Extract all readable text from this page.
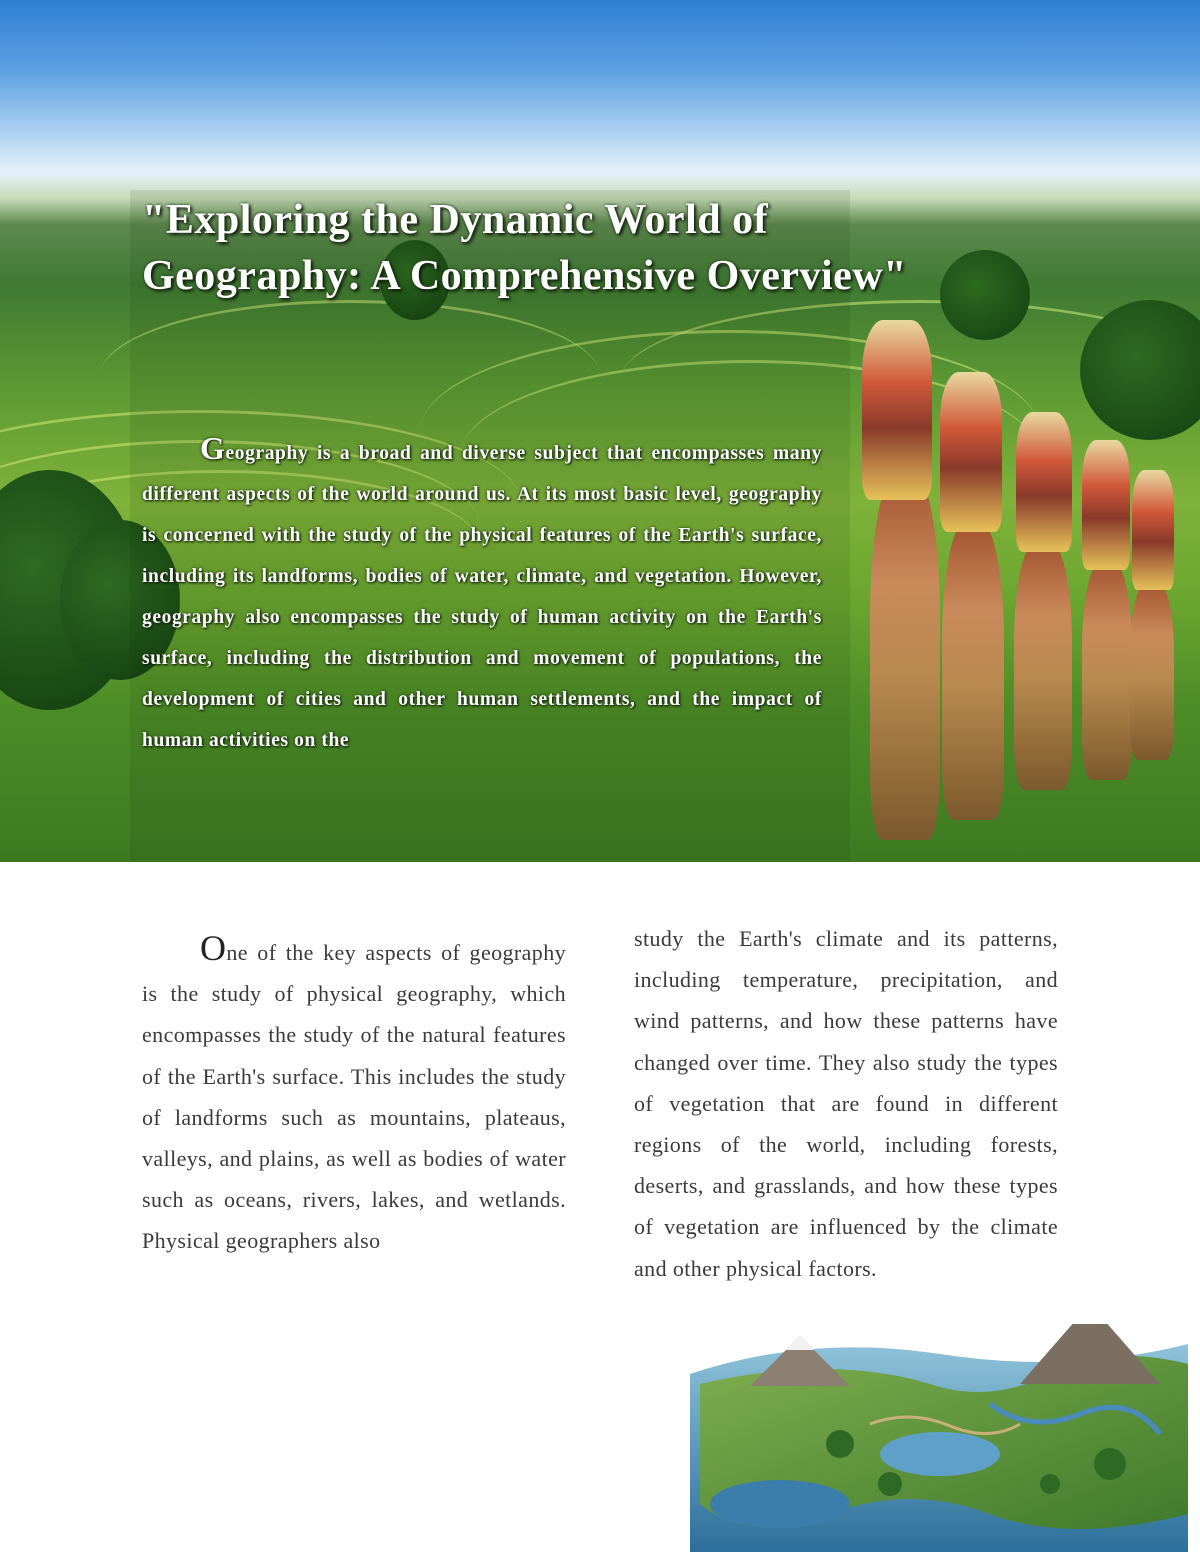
"Exploring the Dynamic World of Geography: A Comprehensive Overview"

Geography is a broad and diverse subject that encompasses many different aspects of the world around us. At its most basic level, geography is concerned with the study of the physical features of the Earth's surface, including its landforms, bodies of water, climate, and vegetation. However, geography also encompasses the study of human activity on the Earth's surface, including the distribution and movement of populations, the development of cities and other human settlements, and the impact of human activities on the

One of the key aspects of geography is the study of physical geography, which encompasses the study of the natural features of the Earth's surface. This includes the study of landforms such as mountains, plateaus, valleys, and plains, as well as bodies of water such as oceans, rivers, lakes, and wetlands. Physical geographers also

study the Earth's climate and its patterns, including temperature, precipitation, and wind patterns, and how these patterns have changed over time. They also study the types of vegetation that are found in different regions of the world, including forests, deserts, and grasslands, and how these types of vegetation are influenced by the climate and other physical factors.
